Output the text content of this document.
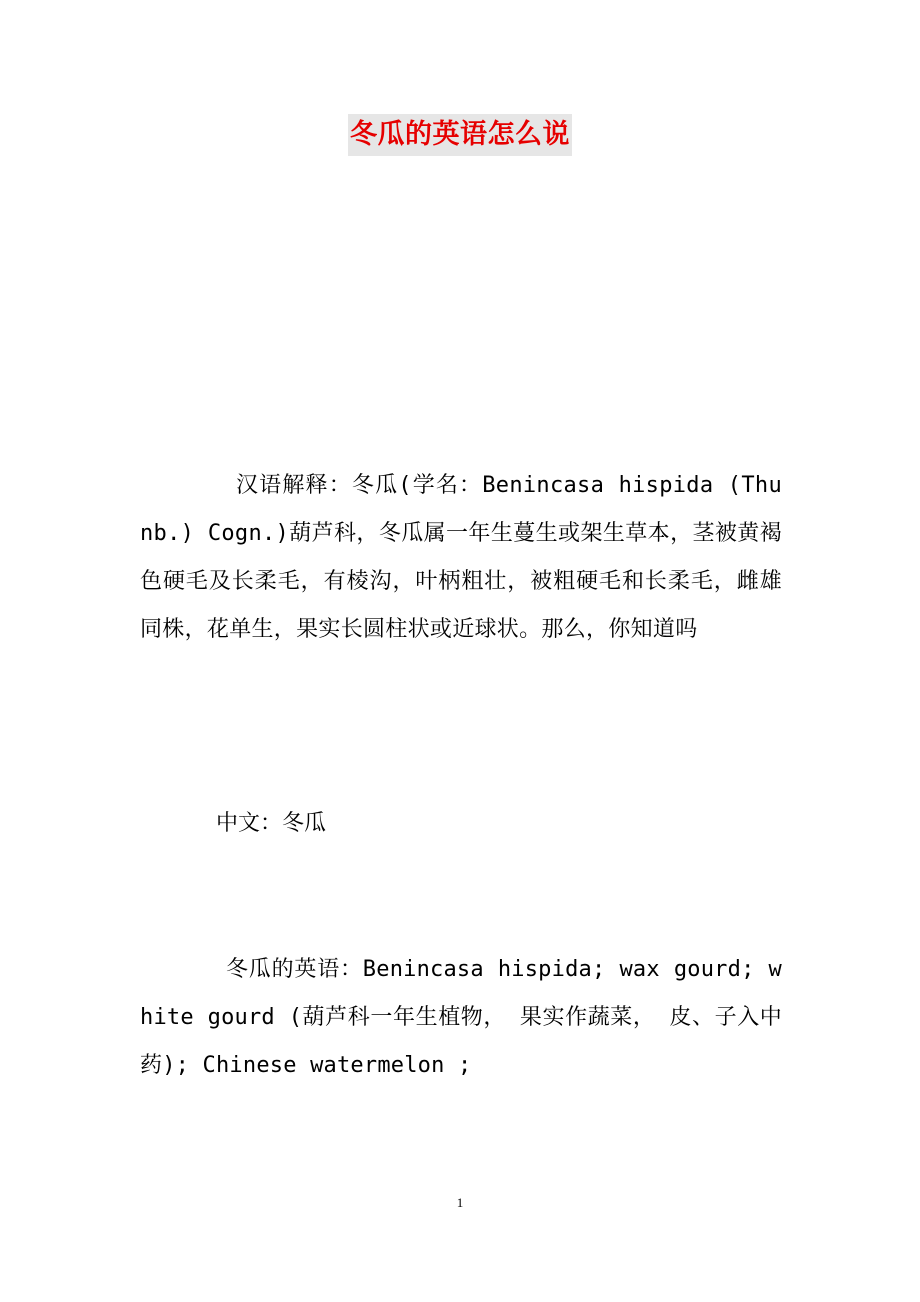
冬瓜的英语怎么说
汉语解释：冬瓜(学名：Benincasa hispida (Thunb.) Cogn.)葫芦科，冬瓜属一年生蔓生或架生草本，茎被黄褐色硬毛及长柔毛，有棱沟，叶柄粗壮，被粗硬毛和长柔毛，雌雄同株，花单生，果实长圆柱状或近球状。那么，你知道吗
中文：冬瓜
冬瓜的英语：Benincasa hispida; wax gourd; white gourd (葫芦科一年生植物， 果实作蔬菜， 皮、子入中药); Chinese watermelon ;
1
